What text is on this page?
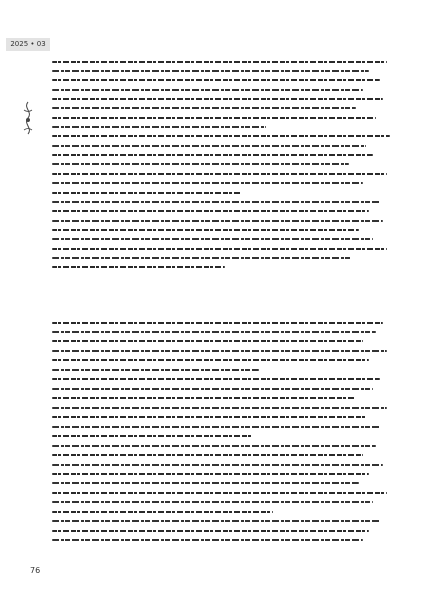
2025 • 03
76
